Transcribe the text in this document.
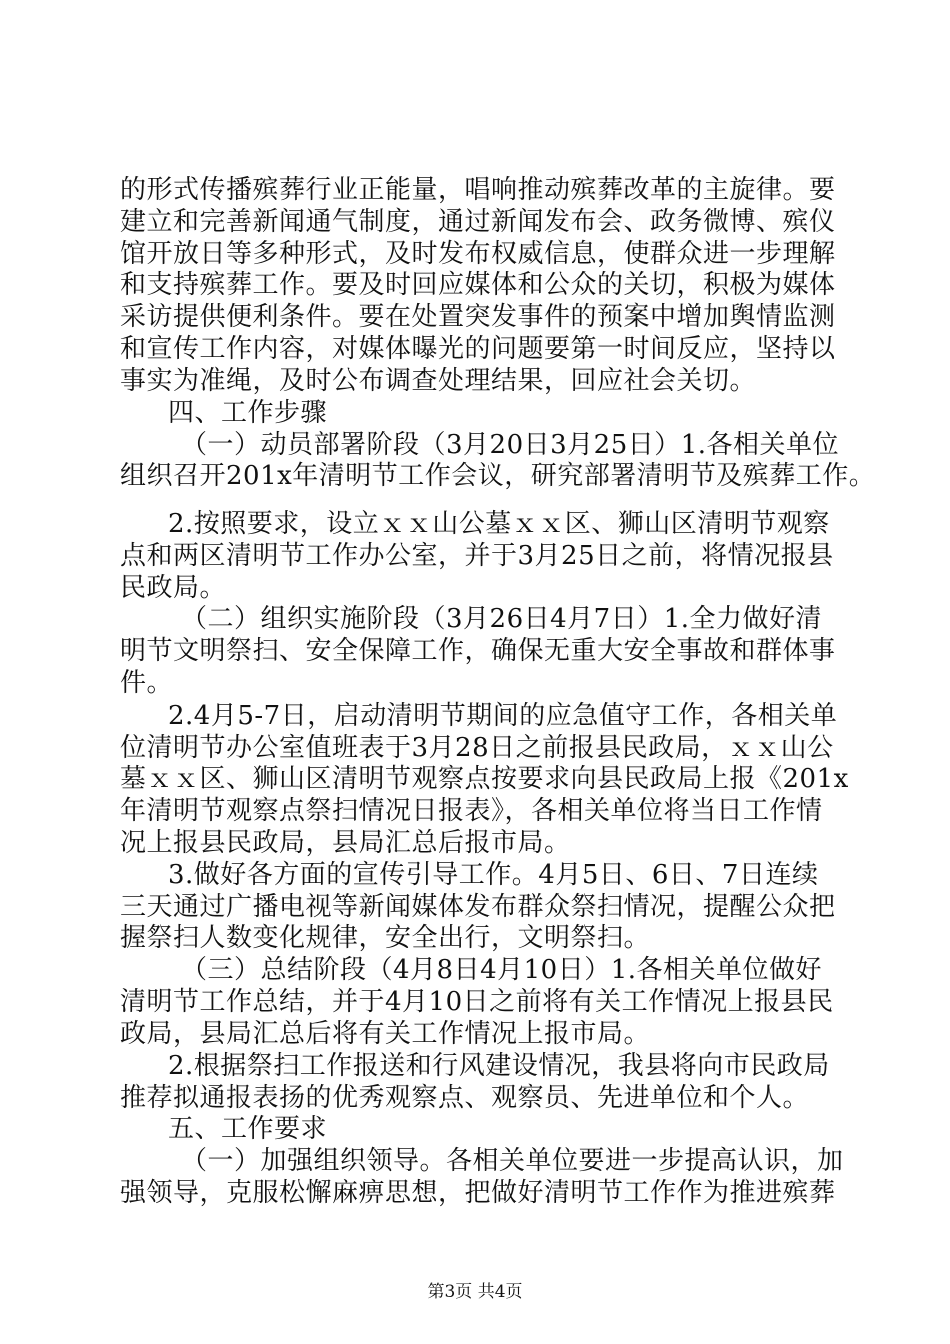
的形式传播殡葬行业正能量，唱响推动殡葬改革的主旋律。要
建立和完善新闻通气制度，通过新闻发布会、政务微博、殡仪
馆开放日等多种形式，及时发布权威信息，使群众进一步理解
和支持殡葬工作。要及时回应媒体和公众的关切，积极为媒体
采访提供便利条件。要在处置突发事件的预案中增加舆情监测
和宣传工作内容，对媒体曝光的问题要第一时间反应，坚持以
事实为准绳，及时公布调查处理结果，回应社会关切。
四、工作步骤
（一）动员部署阶段（3月20日3月25日）1.各相关单位
组织召开201x年清明节工作会议，研究部署清明节及殡葬工作。
2.按照要求，设立ｘｘ山公墓ｘｘ区、狮山区清明节观察
点和两区清明节工作办公室，并于3月25日之前，将情况报县
民政局。
（二）组织实施阶段（3月26日4月7日）1.全力做好清
明节文明祭扫、安全保障工作，确保无重大安全事故和群体事
件。
2.4月5-7日，启动清明节期间的应急值守工作，各相关单
位清明节办公室值班表于3月28日之前报县民政局，ｘｘ山公
墓ｘｘ区、狮山区清明节观察点按要求向县民政局上报《201x
年清明节观察点祭扫情况日报表》，各相关单位将当日工作情
况上报县民政局，县局汇总后报市局。
3.做好各方面的宣传引导工作。4月5日、6日、7日连续
三天通过广播电视等新闻媒体发布群众祭扫情况，提醒公众把
握祭扫人数变化规律，安全出行，文明祭扫。
（三）总结阶段（4月8日4月10日）1.各相关单位做好
清明节工作总结，并于4月10日之前将有关工作情况上报县民
政局，县局汇总后将有关工作情况上报市局。
2.根据祭扫工作报送和行风建设情况，我县将向市民政局
推荐拟通报表扬的优秀观察点、观察员、先进单位和个人。
五、工作要求
（一）加强组织领导。各相关单位要进一步提高认识，加
强领导，克服松懈麻痹思想，把做好清明节工作作为推进殡葬
第3页 共4页
